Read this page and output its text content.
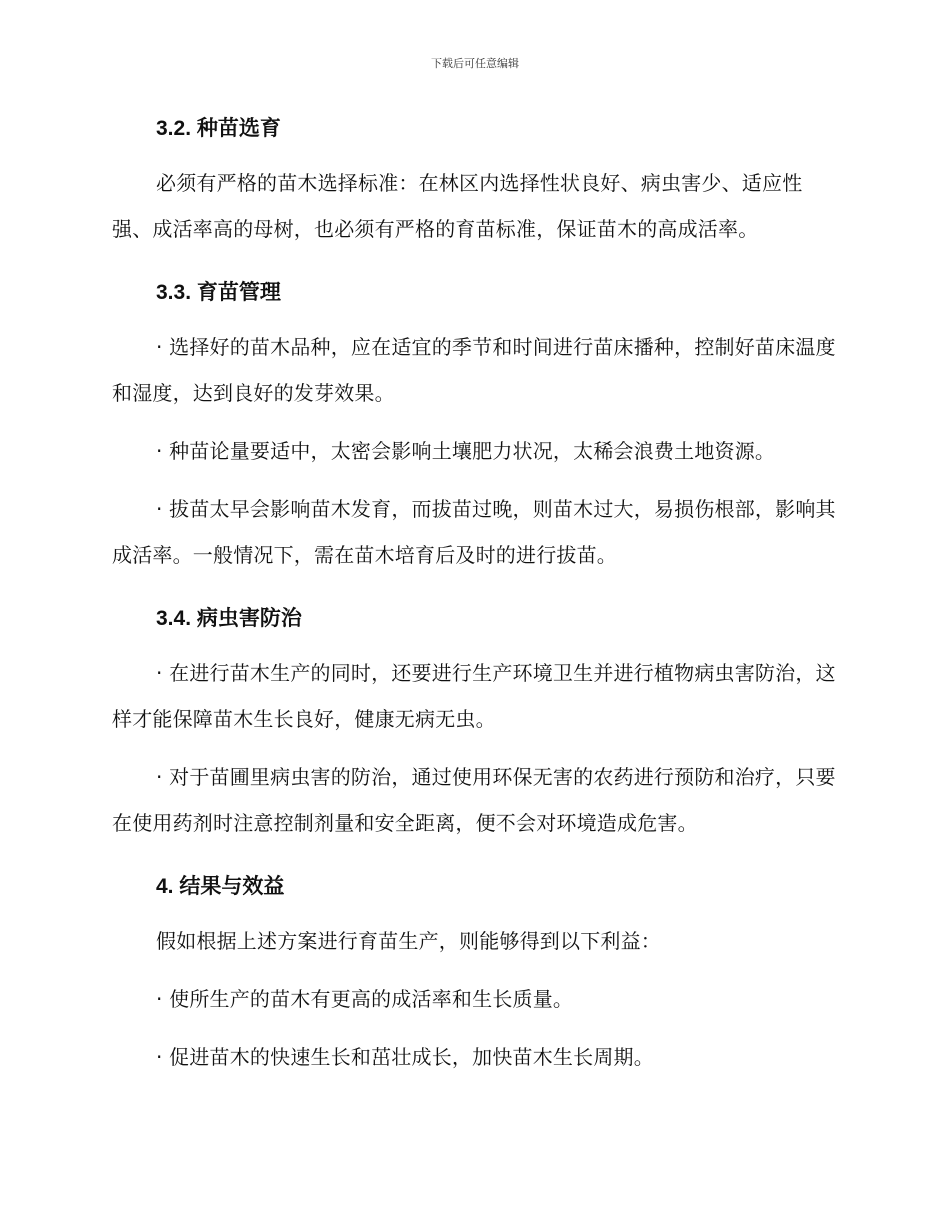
下载后可任意编辑
3.2. 种苗选育

必须有严格的苗木选择标准：在林区内选择性状良好、病虫害少、适应性强、成活率高的母树，也必须有严格的育苗标准，保证苗木的高成活率。

3.3. 育苗管理

· 选择好的苗木品种，应在适宜的季节和时间进行苗床播种，控制好苗床温度和湿度，达到良好的发芽效果。

· 种苗论量要适中，太密会影响土壤肥力状况，太稀会浪费土地资源。

· 拔苗太早会影响苗木发育，而拔苗过晚，则苗木过大，易损伤根部，影响其成活率。一般情况下，需在苗木培育后及时的进行拔苗。

3.4. 病虫害防治

· 在进行苗木生产的同时，还要进行生产环境卫生并进行植物病虫害防治，这样才能保障苗木生长良好，健康无病无虫。

· 对于苗圃里病虫害的防治，通过使用环保无害的农药进行预防和治疗，只要在使用药剂时注意控制剂量和安全距离，便不会对环境造成危害。

4. 结果与效益

假如根据上述方案进行育苗生产，则能够得到以下利益：

· 使所生产的苗木有更高的成活率和生长质量。

· 促进苗木的快速生长和茁壮成长，加快苗木生长周期。
